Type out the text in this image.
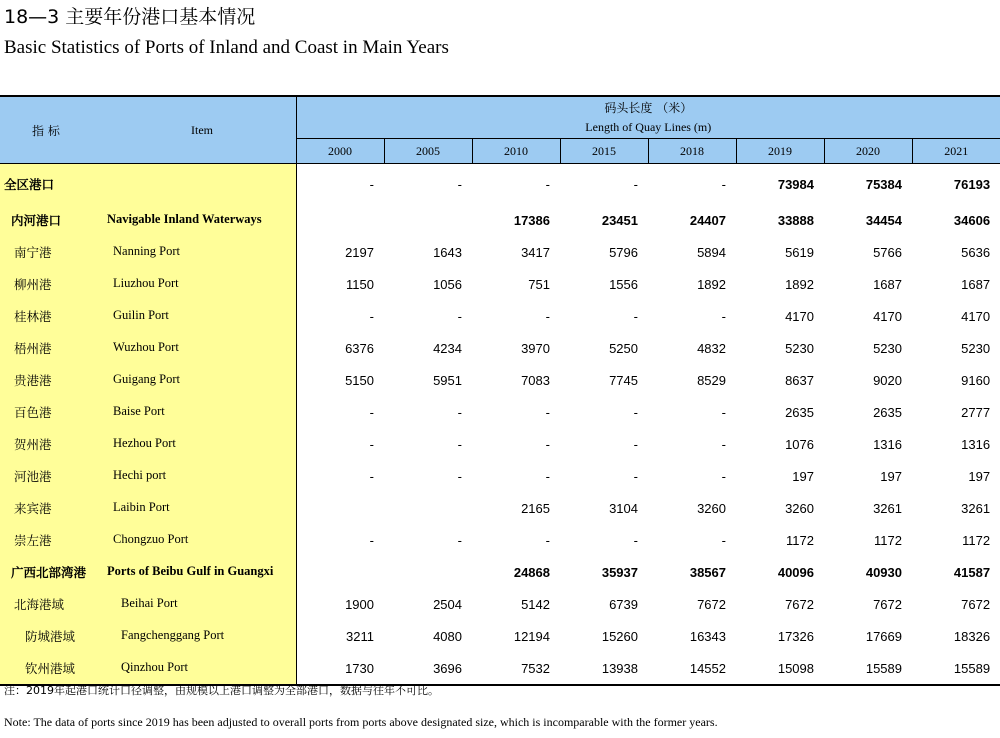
18—3 主要年份港口基本情况
Basic Statistics of Ports of Inland and Coast in Main Years
指 标 Item	码头长度 （米）							
	Length of Quay Lines (m)							
	2000	2005	2010	2015	2018	2019	2020	2021

全区港口	-	-	-	-	-	73984	75384	76193

内河港口 Navigable Inland Waterways			17386	23451	24407	33888	34454	34606

南宁港 Nanning Port	2197	1643	3417	5796	5894	5619	5766	5636

柳州港 Liuzhou Port	1150	1056	751	1556	1892	1892	1687	1687

桂林港 Guilin Port	-	-	-	-	-	4170	4170	4170

梧州港 Wuzhou Port	6376	4234	3970	5250	4832	5230	5230	5230

贵港港 Guigang Port	5150	5951	7083	7745	8529	8637	9020	9160

百色港 Baise Port	-	-	-	-	-	2635	2635	2777

贺州港 Hezhou Port	-	-	-	-	-	1076	1316	1316

河池港 Hechi port	-	-	-	-	-	197	197	197

来宾港 Laibin Port			2165	3104	3260	3260	3261	3261

崇左港 Chongzuo Port	-	-	-	-	-	1172	1172	1172

广西北部湾港 Ports of Beibu Gulf in Guangxi			24868	35937	38567	40096	40930	41587

北海港域 Beihai Port	1900	2504	5142	6739	7672	7672	7672	7672

防城港域 Fangchenggang Port	3211	4080	12194	15260	16343	17326	17669	18326

钦州港域 Qinzhou Port	1730	3696	7532	13938	14552	15098	15589	15589
注：2019年起港口统计口径调整，由规模以上港口调整为全部港口，数据与往年不可比。
Note: The data of ports since 2019 has been adjusted to overall ports from ports above designated size, which is incomparable with the former years.
